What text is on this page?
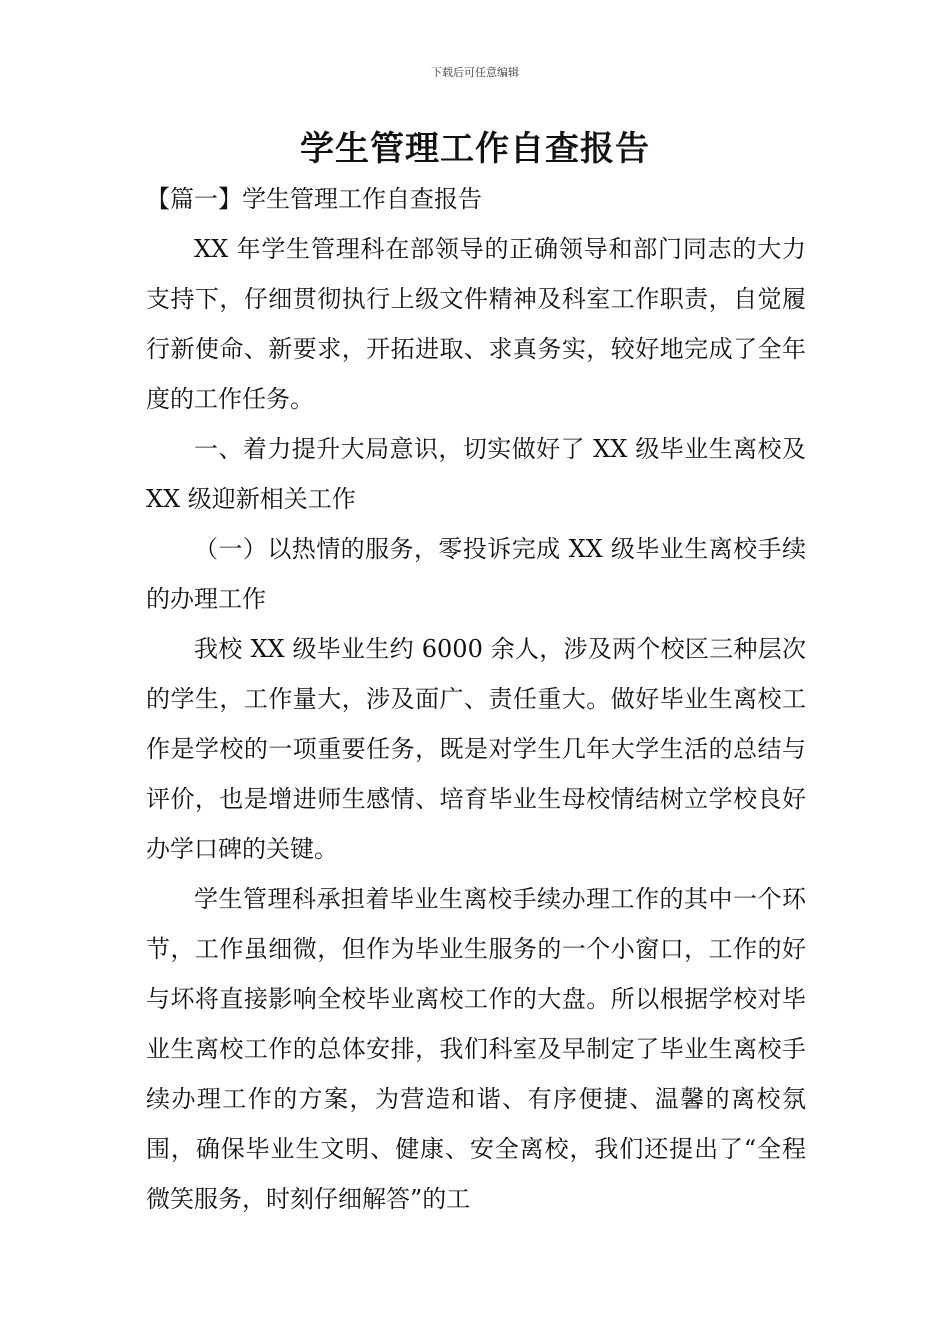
下载后可任意编辑
学生管理工作自查报告

【篇一】学生管理工作自查报告

XX 年学生管理科在部领导的正确领导和部门同志的大力支持下，仔细贯彻执行上级文件精神及科室工作职责，自觉履行新使命、新要求，开拓进取、求真务实，较好地完成了全年度的工作任务。

一、着力提升大局意识，切实做好了 XX 级毕业生离校及 XX 级迎新相关工作

（一）以热情的服务，零投诉完成 XX 级毕业生离校手续的办理工作

我校 XX 级毕业生约 6000 余人，涉及两个校区三种层次的学生，工作量大，涉及面广、责任重大。做好毕业生离校工作是学校的一项重要任务，既是对学生几年大学生活的总结与评价，也是增进师生感情、培育毕业生母校情结树立学校良好办学口碑的关键。

学生管理科承担着毕业生离校手续办理工作的其中一个环节，工作虽细微，但作为毕业生服务的一个小窗口，工作的好与坏将直接影响全校毕业离校工作的大盘。所以根据学校对毕业生离校工作的总体安排，我们科室及早制定了毕业生离校手续办理工作的方案，为营造和谐、有序便捷、温馨的离校氛围，确保毕业生文明、健康、安全离校，我们还提出了“全程微笑服务，时刻仔细解答”的工
